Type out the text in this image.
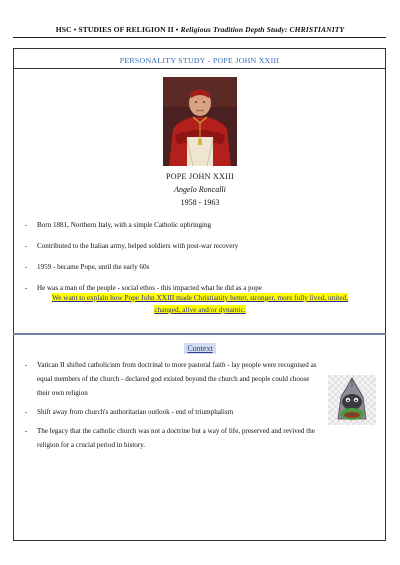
HSC • STUDIES OF RELIGION II • Religious Tradition Depth Study: CHRISTIANITY
PERSONALITY STUDY - POPE JOHN XXIII
POPE JOHN XXIII
Angelo Roncalli
1958 - 1963
- Born 1881, Northern Italy, with a simple Catholic upbringing
- Contributed to the Italian army, helped soldiers with post-war recovery
- 1959 - became Pope, until the early 60s
- He was a man of the people - social ethos - this impacted what he did as a pope
We want to explain how Pope John XXIII made Christianity better, stronger, more fully lived, united,
changed, alive and/or dynamic.
Context
- Vatican II shifted catholicism from doctrinal to more pastoral faith - lay people were recognised as equal members of the church - declared god existed beyond the church and people could choose their own religion
- Shift away from church's authoritarian outlook - end of triumphalism
- The legacy that the catholic church was not a doctrine but a way of life, preserved and revived the religion for a crucial period in history.
